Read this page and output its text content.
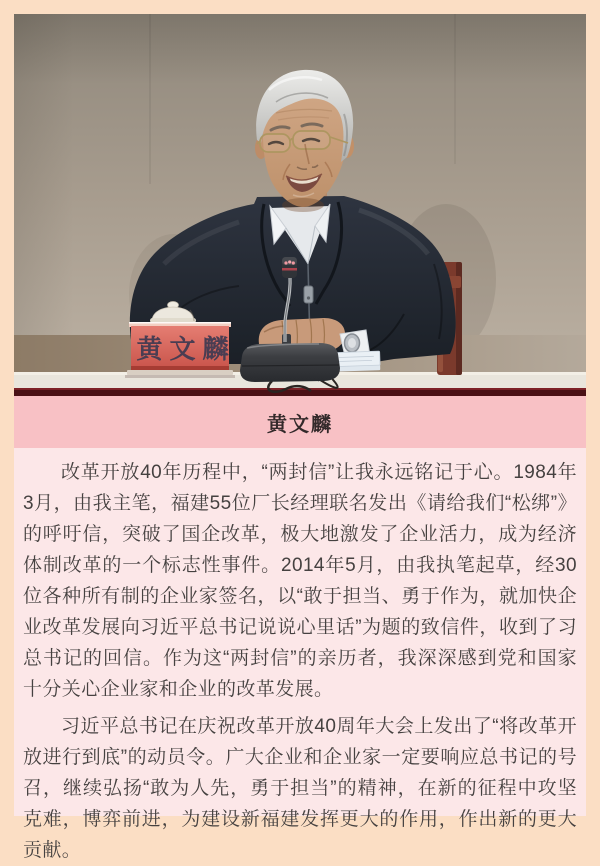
黄文麟
黄文麟

改革开放40年历程中，“两封信”让我永远铭记于心。1984年3月，由我主笔，福建55位厂长经理联名发出《请给我们“松绑”》的呼吁信，突破了国企改革，极大地激发了企业活力，成为经济体制改革的一个标志性事件。2014年5月，由我执笔起草，经30位各种所有制的企业家签名，以“敢于担当、勇于作为，就加快企业改革发展向习近平总书记说说心里话”为题的致信件，收到了习总书记的回信。作为这“两封信”的亲历者，我深深感到党和国家十分关心企业家和企业的改革发展。

习近平总书记在庆祝改革开放40周年大会上发出了“将改革开放进行到底”的动员令。广大企业和企业家一定要响应总书记的号召，继续弘扬“敢为人先，勇于担当”的精神，在新的征程中攻坚克难，博弈前进，为建设新福建发挥更大的作用，作出新的更大贡献。
